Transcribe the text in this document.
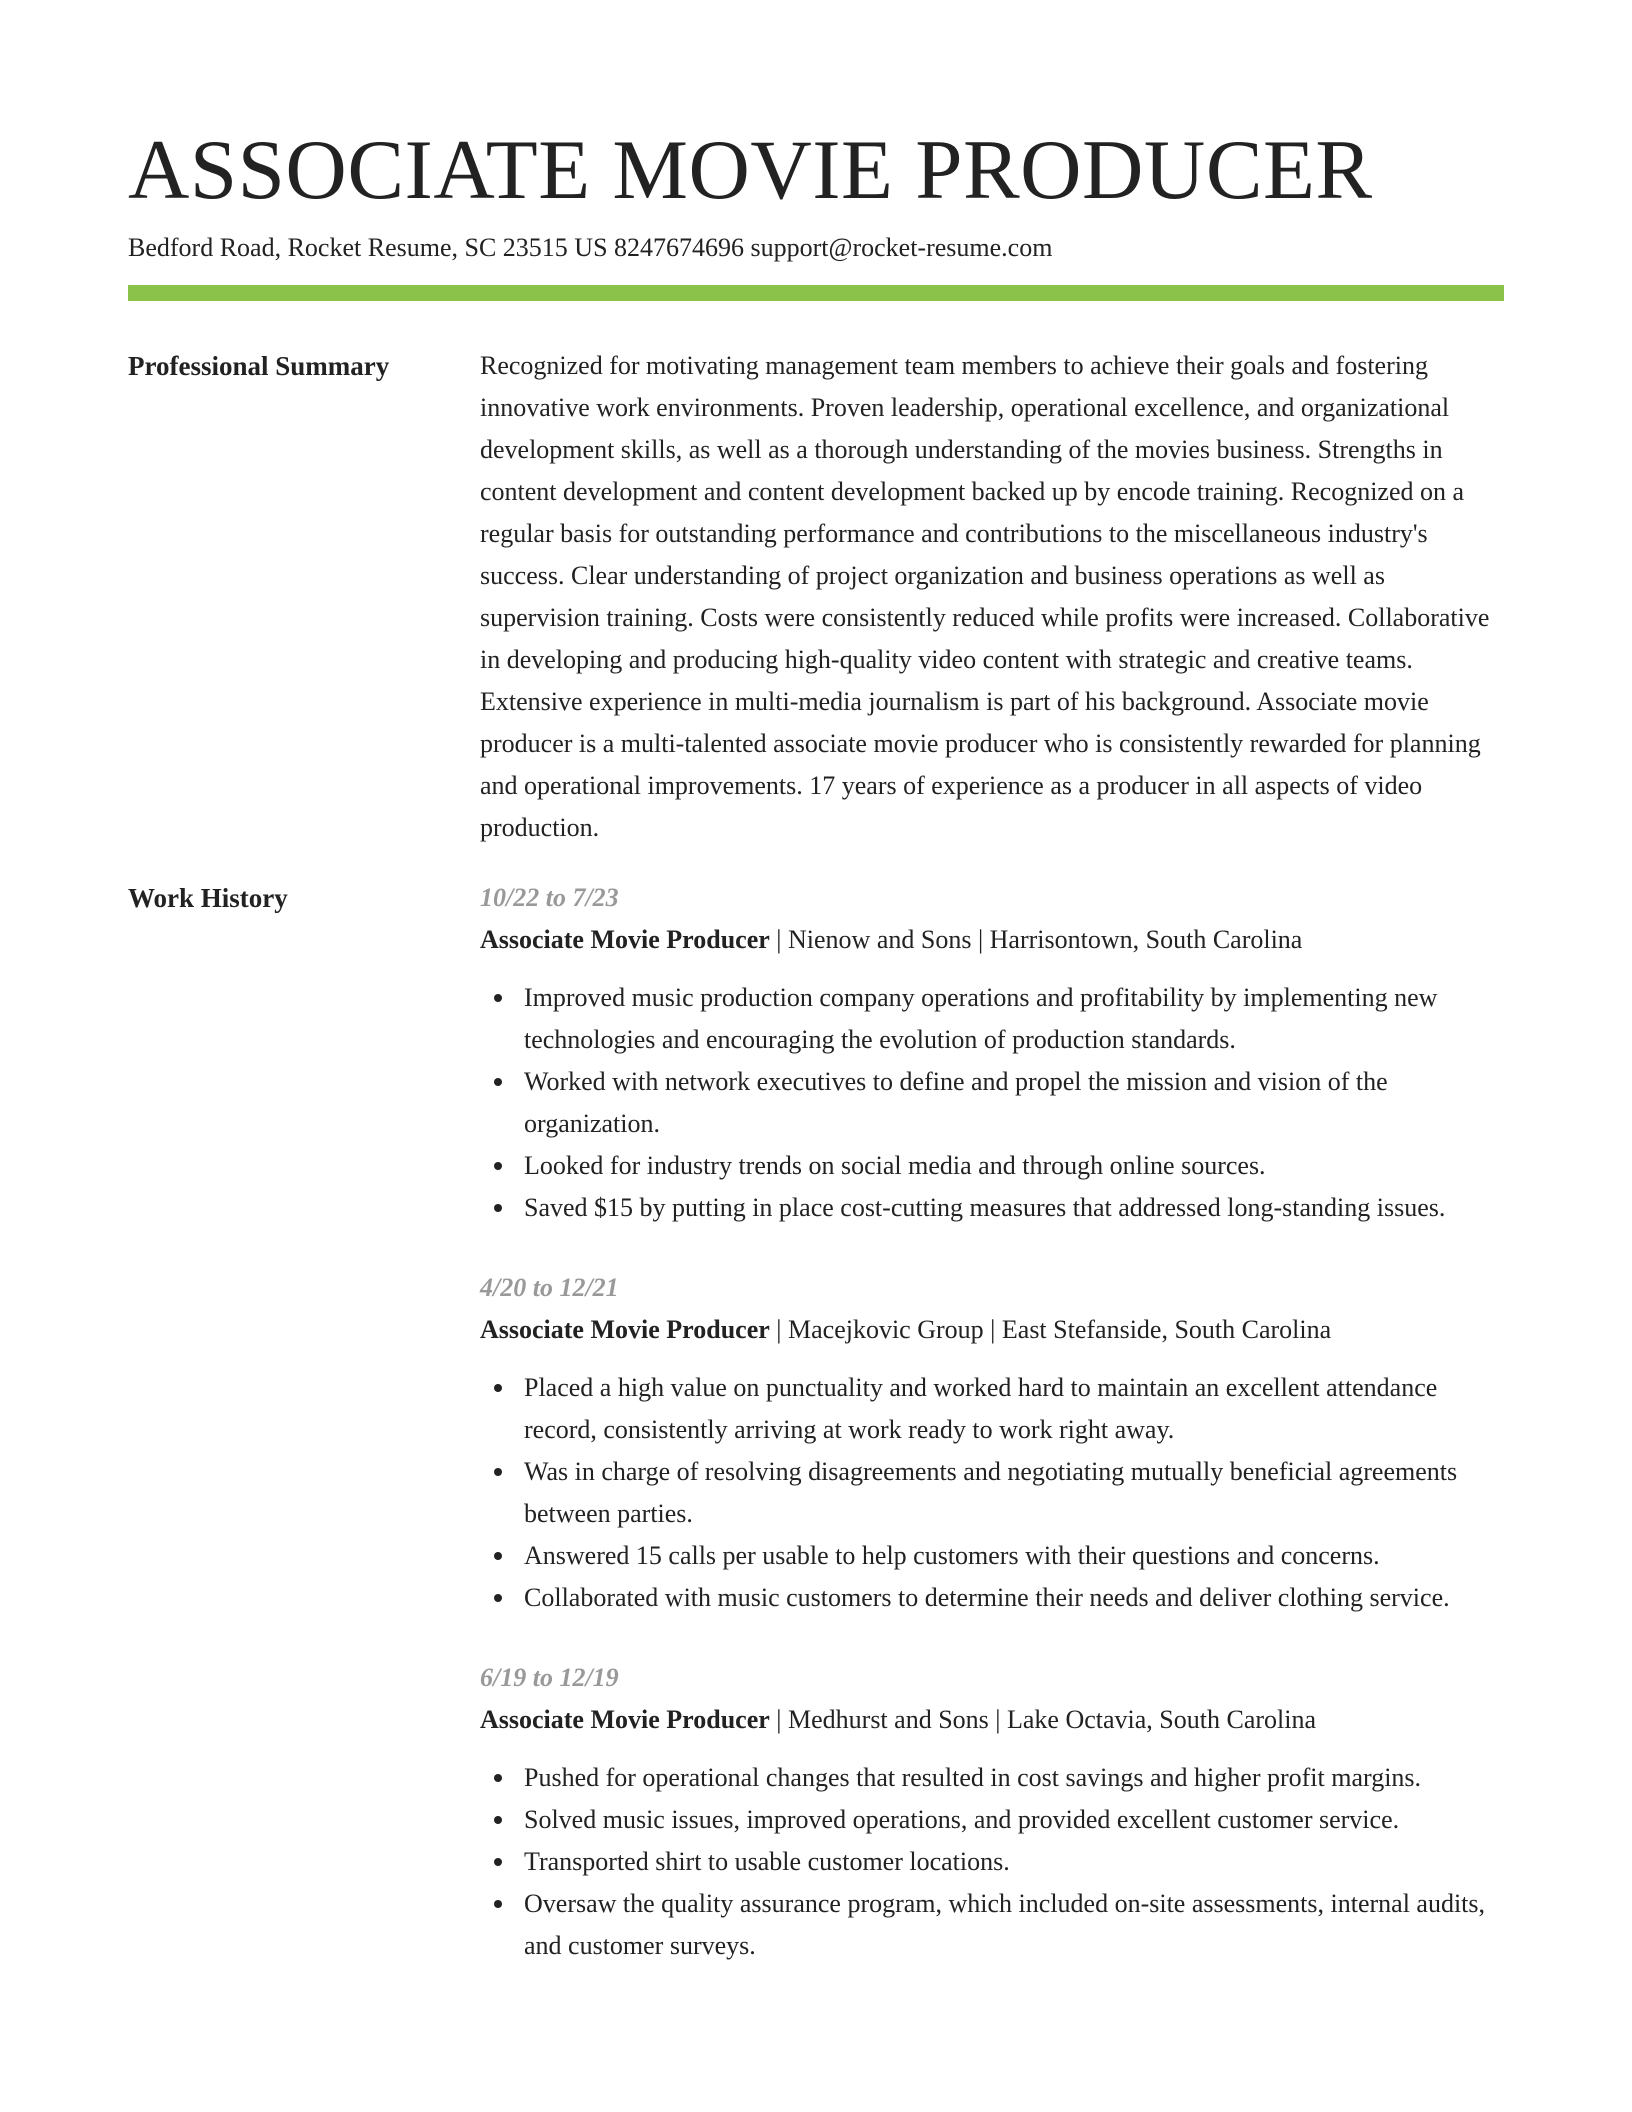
ASSOCIATE MOVIE PRODUCER
Bedford Road, Rocket Resume, SC 23515 US 8247674696 support@rocket-resume.com
Professional Summary	Recognized for motivating management team members to achieve their goals and fostering innovative work environments. Proven leadership, operational excellence, and organizational development skills, as well as a thorough understanding of the movies business. Strengths in content development and content development backed up by encode training. Recognized on a regular basis for outstanding performance and contributions to the miscellaneous industry's success. Clear understanding of project organization and business operations as well as supervision training. Costs were consistently reduced while profits were increased. Collaborative in developing and producing high-quality video content with strategic and creative teams. Extensive experience in multi-media journalism is part of his background. Associate movie producer is a multi-talented associate movie producer who is consistently rewarded for planning and operational improvements. 17 years of experience as a producer in all aspects of video production.

Work History	10/22 to 7/23
Associate Movie Producer | Nienow and Sons | Harrisontown, South Carolina
Improved music production company operations and profitability by implementing new technologies and encouraging the evolution of production standards.
Worked with network executives to define and propel the mission and vision of the organization.
Looked for industry trends on social media and through online sources.
Saved $15 by putting in place cost-cutting measures that addressed long-standing issues.
4/20 to 12/21
Associate Movie Producer | Macejkovic Group | East Stefanside, South Carolina
Placed a high value on punctuality and worked hard to maintain an excellent attendance record, consistently arriving at work ready to work right away.
Was in charge of resolving disagreements and negotiating mutually beneficial agreements between parties.
Answered 15 calls per usable to help customers with their questions and concerns.
Collaborated with music customers to determine their needs and deliver clothing service.
6/19 to 12/19
Associate Movie Producer | Medhurst and Sons | Lake Octavia, South Carolina
Pushed for operational changes that resulted in cost savings and higher profit margins.
Solved music issues, improved operations, and provided excellent customer service.
Transported shirt to usable customer locations.
Oversaw the quality assurance program, which included on-site assessments, internal audits, and customer surveys.
